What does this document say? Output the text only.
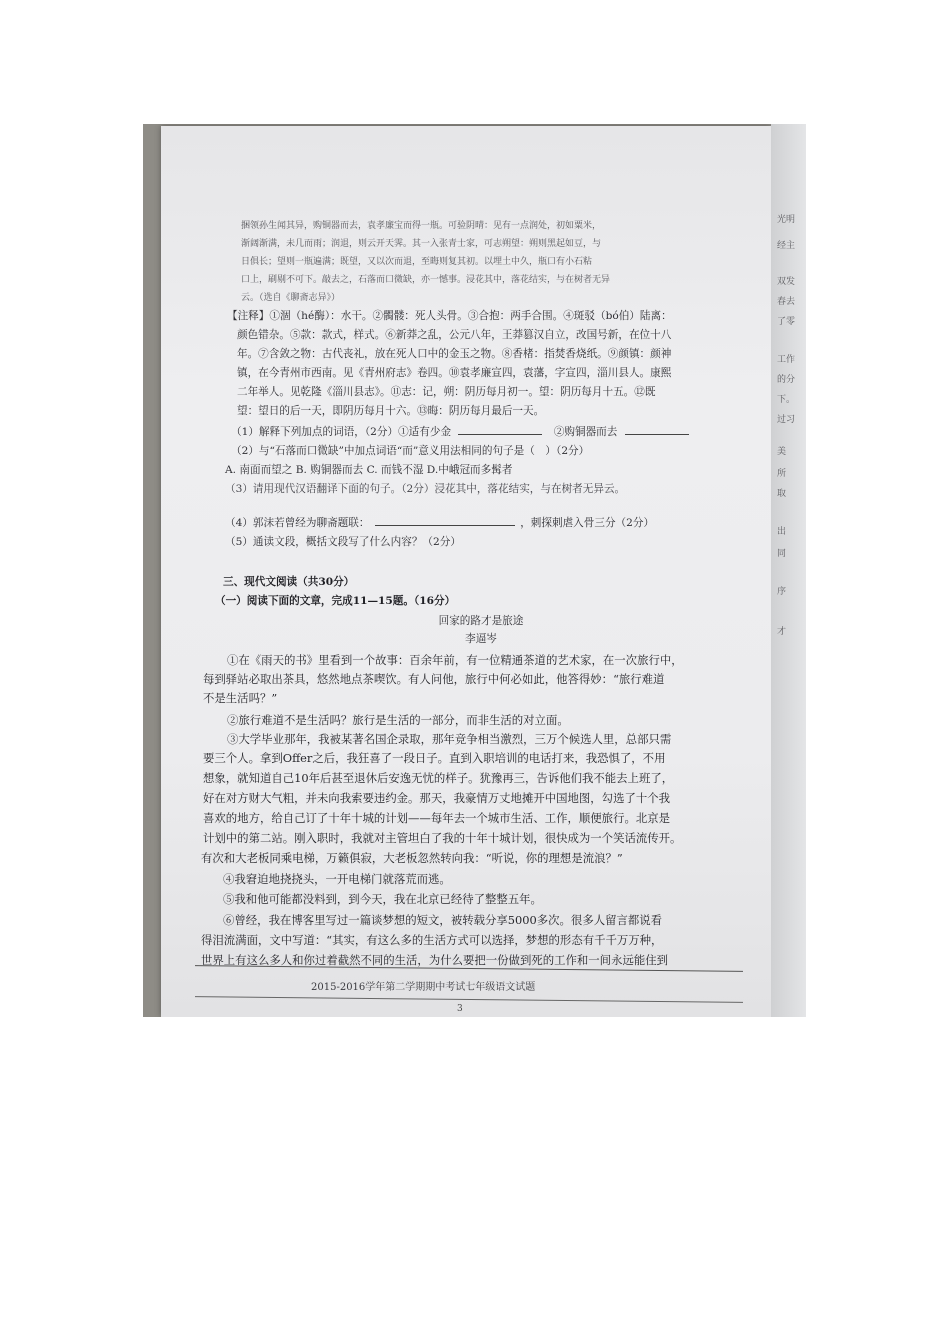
捆领孙生闻其异，购铜器而去，袁孝廉宝而得一瓶。可验阴晴：见有一点润处，初如粟米，
渐阔渐满，未几而雨；润退，则云开天霁。其一入张青士家，可志朔望：朔则黑起如豆，与
日俱长；望则一瓶遍满；既望，又以次而退，至晦则复其初。以埋土中久，瓶口有小石粘
口上，刷剔不可下。敲去之，石落而口微缺，亦一憾事。浸花其中，落花结实，与在树者无异
云。（选自《聊斋志异》）
【注释】①涸（hé酶）：水干。②髑髅：死人头骨。③合抱：两手合围。④斑驳（bó伯）陆离：
颜色错杂。⑤款：款式，样式。⑥新莽之乱，公元八年，王莽篡汉自立，改国号新，在位十八
年。⑦含敛之物：古代丧礼，放在死人口中的金玉之物。⑧香楮：指焚香烧纸。⑨颜镇：颜神
镇，在今青州市西南。见《青州府志》卷四。⑩袁孝廉宣四，袁藩，字宣四，淄川县人。康熙
二年举人。见乾隆《淄川县志》。⑪志：记，朔：阴历每月初一。望：阴历每月十五。⑫既
望：望日的后一天，即阴历每月十六。⑬晦：阴历每月最后一天。
（1）解释下列加点的词语，（2分）①适有少金	②购铜器而去
（2）与“石落而口微缺”中加点词语“而”意义用法相同的句子是（　）（2分）
A. 南面而望之 B. 购铜器而去 C. 而钱不湿 D.中峨冠而多髯者
（3）请用现代汉语翻译下面的句子。（2分）浸花其中，落花结实，与在树者无异云。
（4）郭沫若曾经为聊斋题联：	，刺探刺虐入骨三分（2分）
（5）通读文段，概括文段写了什么内容？（2分）
三、现代文阅读（共30分）
（一）阅读下面的文章，完成11—15题。（16分）
回家的路才是旅途
李逼岑
①在《雨天的书》里看到一个故事：百余年前，有一位精通茶道的艺术家，在一次旅行中，
每到驿站必取出茶具，悠然地点茶喫饮。有人问他，旅行中何必如此，他答得妙：“旅行难道
不是生活吗？”
②旅行难道不是生活吗？旅行是生活的一部分，而非生活的对立面。
③大学毕业那年，我被某著名国企录取，那年竞争相当激烈，三万个候选人里，总部只需
要三个人。拿到Offer之后，我狂喜了一段日子。直到入职培训的电话打来，我恐惧了，不用
想象，就知道自己10年后甚至退休后安逸无忧的样子。犹豫再三，告诉他们我不能去上班了，
好在对方财大气粗，并未向我索要违约金。那天，我豪情万丈地摊开中国地图，勾选了十个我
喜欢的地方，给自己订了十年十城的计划——每年去一个城市生活、工作，顺便旅行。北京是
计划中的第二站。刚入职时，我就对主管坦白了我的十年十城计划，很快成为一个笑话流传开。
有次和大老板同乘电梯，万籁俱寂，大老板忽然转向我：“听说，你的理想是流浪？”
④我窘迫地挠挠头，一开电梯门就落荒而逃。
⑤我和他可能都没料到，到今天，我在北京已经待了整整五年。
⑥曾经，我在博客里写过一篇谈梦想的短文，被转载分享5000多次。很多人留言都说看
得泪流满面，文中写道：“其实，有这么多的生活方式可以选择，梦想的形态有千千万万种，
世界上有这么多人和你过着截然不同的生活，为什么要把一份做到死的工作和一间永远能住到
2015-2016学年第二学期期中考试七年级语文试题
3
光明
经主
双发
春去
了零
工作
的分
下。
过习
美
所
取
出
同
序
才
